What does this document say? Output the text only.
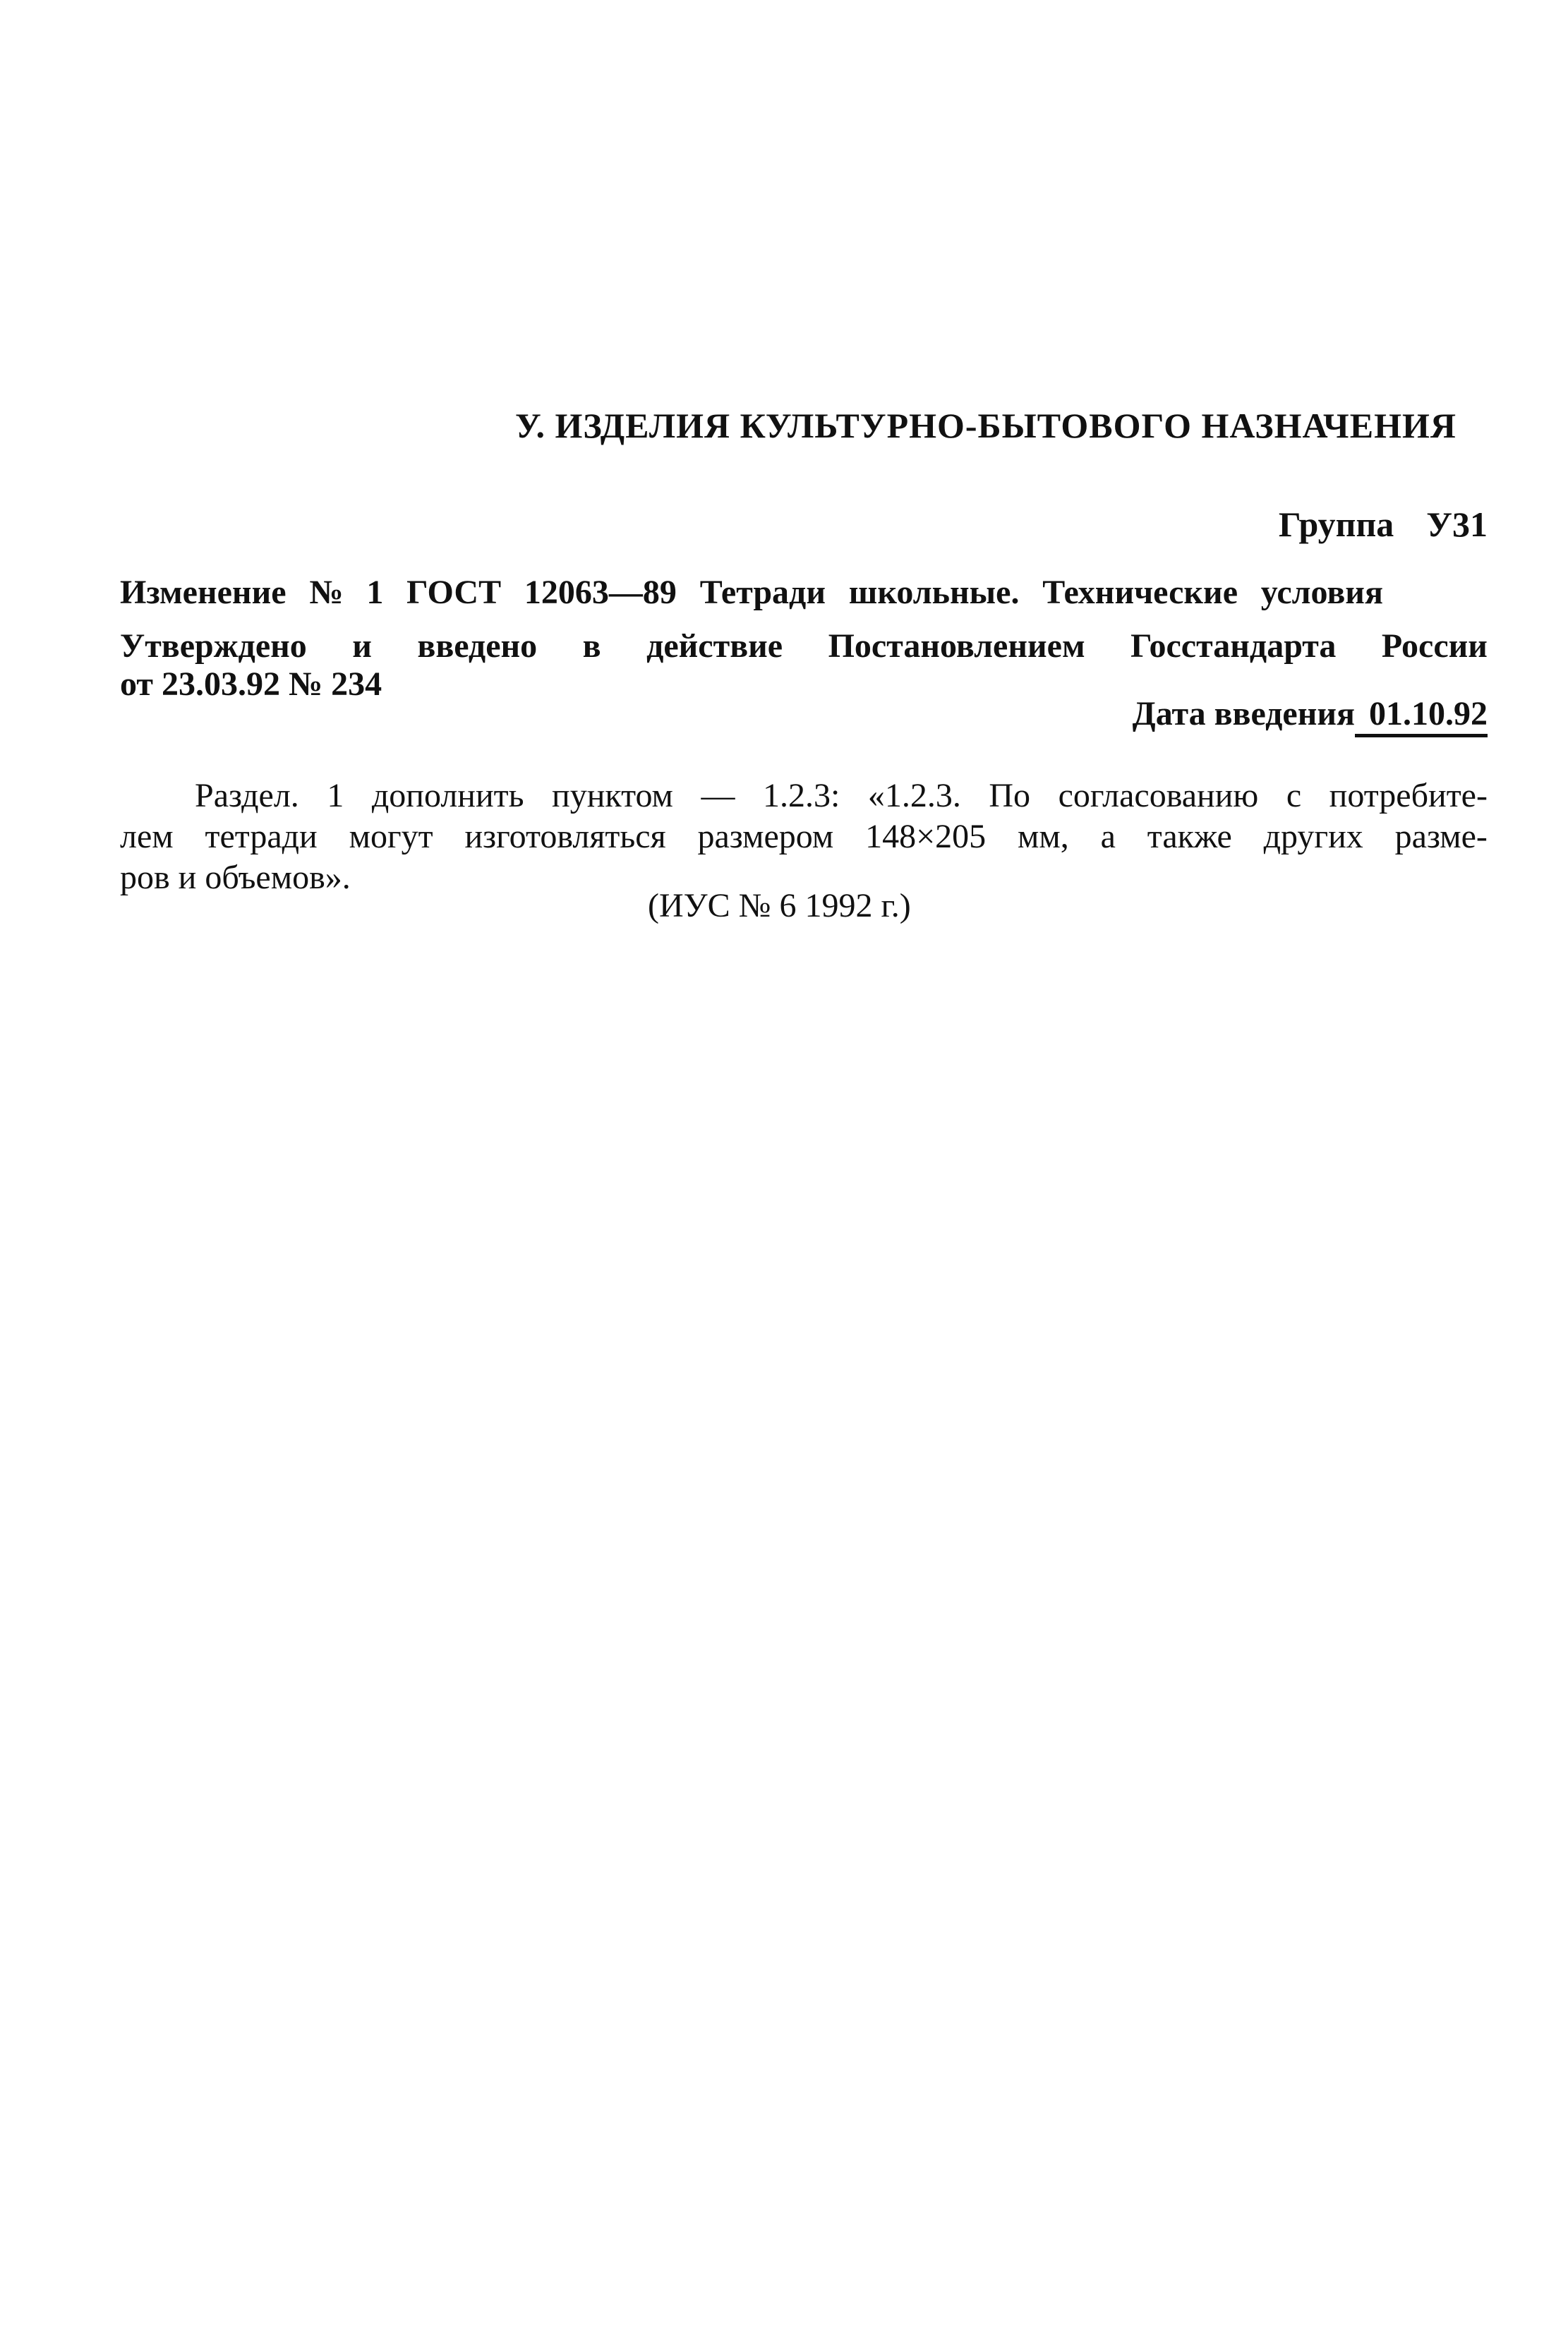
У. ИЗДЕЛИЯ КУЛЬТУРНО-БЫТОВОГО НАЗНАЧЕНИЯ
Группа У31
Изменение № 1 ГОСТ 12063—89 Тетради школьные. Технические условия
Утверждено и введено в действие Постановлением Госстандарта России
от 23.03.92 № 234
Дата введения 01.10.92
Раздел. 1 дополнить пунктом — 1.2.3: «1.2.3. По согласованию с потребите-
лем тетради могут изготовляться размером 148×205 мм, а также других разме-
ров и объемов».
(ИУС № 6 1992 г.)
